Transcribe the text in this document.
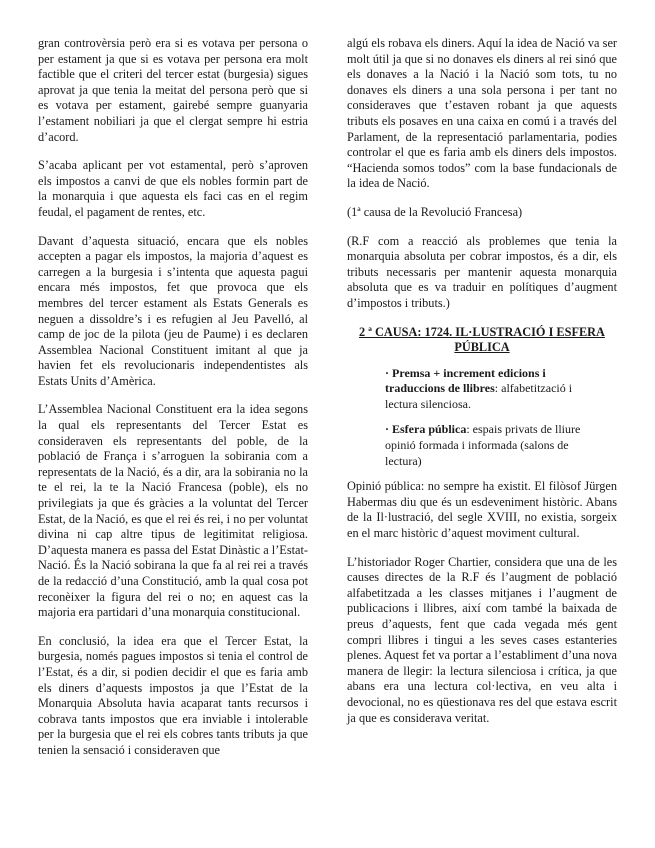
gran controvèrsia però era si es votava per persona o per estament ja que si es votava per persona era molt factible que el criteri del tercer estat (burgesia) sigues aprovat ja que tenia la meitat del persona però que si es votava per estament, gairebé sempre guanyaria l’estament nobiliari ja que el clergat sempre hi estria d’acord.

S’acaba aplicant per vot estamental, però s’aproven els impostos a canvi de que els nobles formin part de la monarquia i que aquesta els faci cas en el regim feudal, el pagament de rentes, etc.

Davant d’aquesta situació, encara que els nobles accepten a pagar els impostos, la majoria d’aquest es carregen a la burgesia i s’intenta que aquesta pagui encara més impostos, fet que provoca que els membres del tercer estament als Estats Generals es neguen a dissoldre’s i es refugien al Jeu Pavelló, al camp de joc de la pilota (jeu de Paume) i es declaren Assemblea Nacional Constituent imitant al que ja havien fet els revolucionaris independentistes als Estats Units d’Amèrica.

L’Assemblea Nacional Constituent era la idea segons la qual els representants del Tercer Estat es consideraven els representants del poble, de la població de França i s’arroguen la sobirania com a representats de la Nació, és a dir, ara la sobirania no la te el rei, la te la Nació Francesa (poble), els no privilegiats ja que és gràcies a la voluntat del Tercer Estat, de la Nació, es que el rei és rei, i no per voluntat divina ni cap altre tipus de legitimitat religiosa. D’aquesta manera es passa del Estat Dinàstic a l’Estat-Nació. És la Nació sobirana la que fa al rei rei a través de la redacció d’una Constitució, amb la qual cosa pot reconèixer la figura del rei o no; en aquest cas la majoria era partidari d’una monarquia constitucional.

En conclusió, la idea era que el Tercer Estat, la burgesia, només pagues impostos si tenia el control de l’Estat, és a dir, si podien decidir el que es faria amb els diners d’aquests impostos ja que l’Estat de la Monarquia Absoluta havia acaparat tants recursos i cobrava tants impostos que era inviable i intolerable per la burgesia que el rei els cobres tants tributs ja que tenien la sensació i consideraven que

algú els robava els diners. Aquí la idea de Nació va ser molt útil ja que si no donaves els diners al rei sinó que els donaves a la Nació i la Nació som tots, tu no donaves els diners a una sola persona i per tant no consideraves que t’estaven robant ja que aquests tributs els posaves en una caixa en comú i a través del Parlament, de la representació parlamentaria, podies controlar el que es faria amb els diners dels impostos. “Hacienda somos todos” com la base fundacionals de la idea de Nació.

(1ª causa de la Revolució Francesa)

(R.F com a reacció als problemes que tenia la monarquia absoluta per cobrar impostos, és a dir, els tributs necessaris per mantenir aquesta monarquia absoluta que es va traduir en polítiques d’augment d’impostos i tributs.)

2 ª CAUSA: 1724. IL·LUSTRACIÓ I ESFERA PÚBLICA
· Premsa + increment edicions i traduccions de llibres: alfabetització i lectura silenciosa.
· Esfera pública: espais privats de lliure opinió formada i informada (salons de lectura)

Opinió pública: no sempre ha existit. El filòsof Jürgen Habermas diu que és un esdeveniment històric. Abans de la Il·lustració, del segle XVIII, no existia, sorgeix en el marc històric d’aquest moviment cultural.

L’historiador Roger Chartier, considera que una de les causes directes de la R.F és l’augment de població alfabetitzada a les classes mitjanes i l’augment de publicacions i llibres, així com també la baixada de preus d’aquests, fent que cada vegada més gent compri llibres i tingui a les seves cases estanteries plenes. Aquest fet va portar a l’establiment d’una nova manera de llegir: la lectura silenciosa i crítica, ja que abans era una lectura col·lectiva, en veu alta i devocional, no es qüestionava res del que estava escrit ja que es considerava veritat.
